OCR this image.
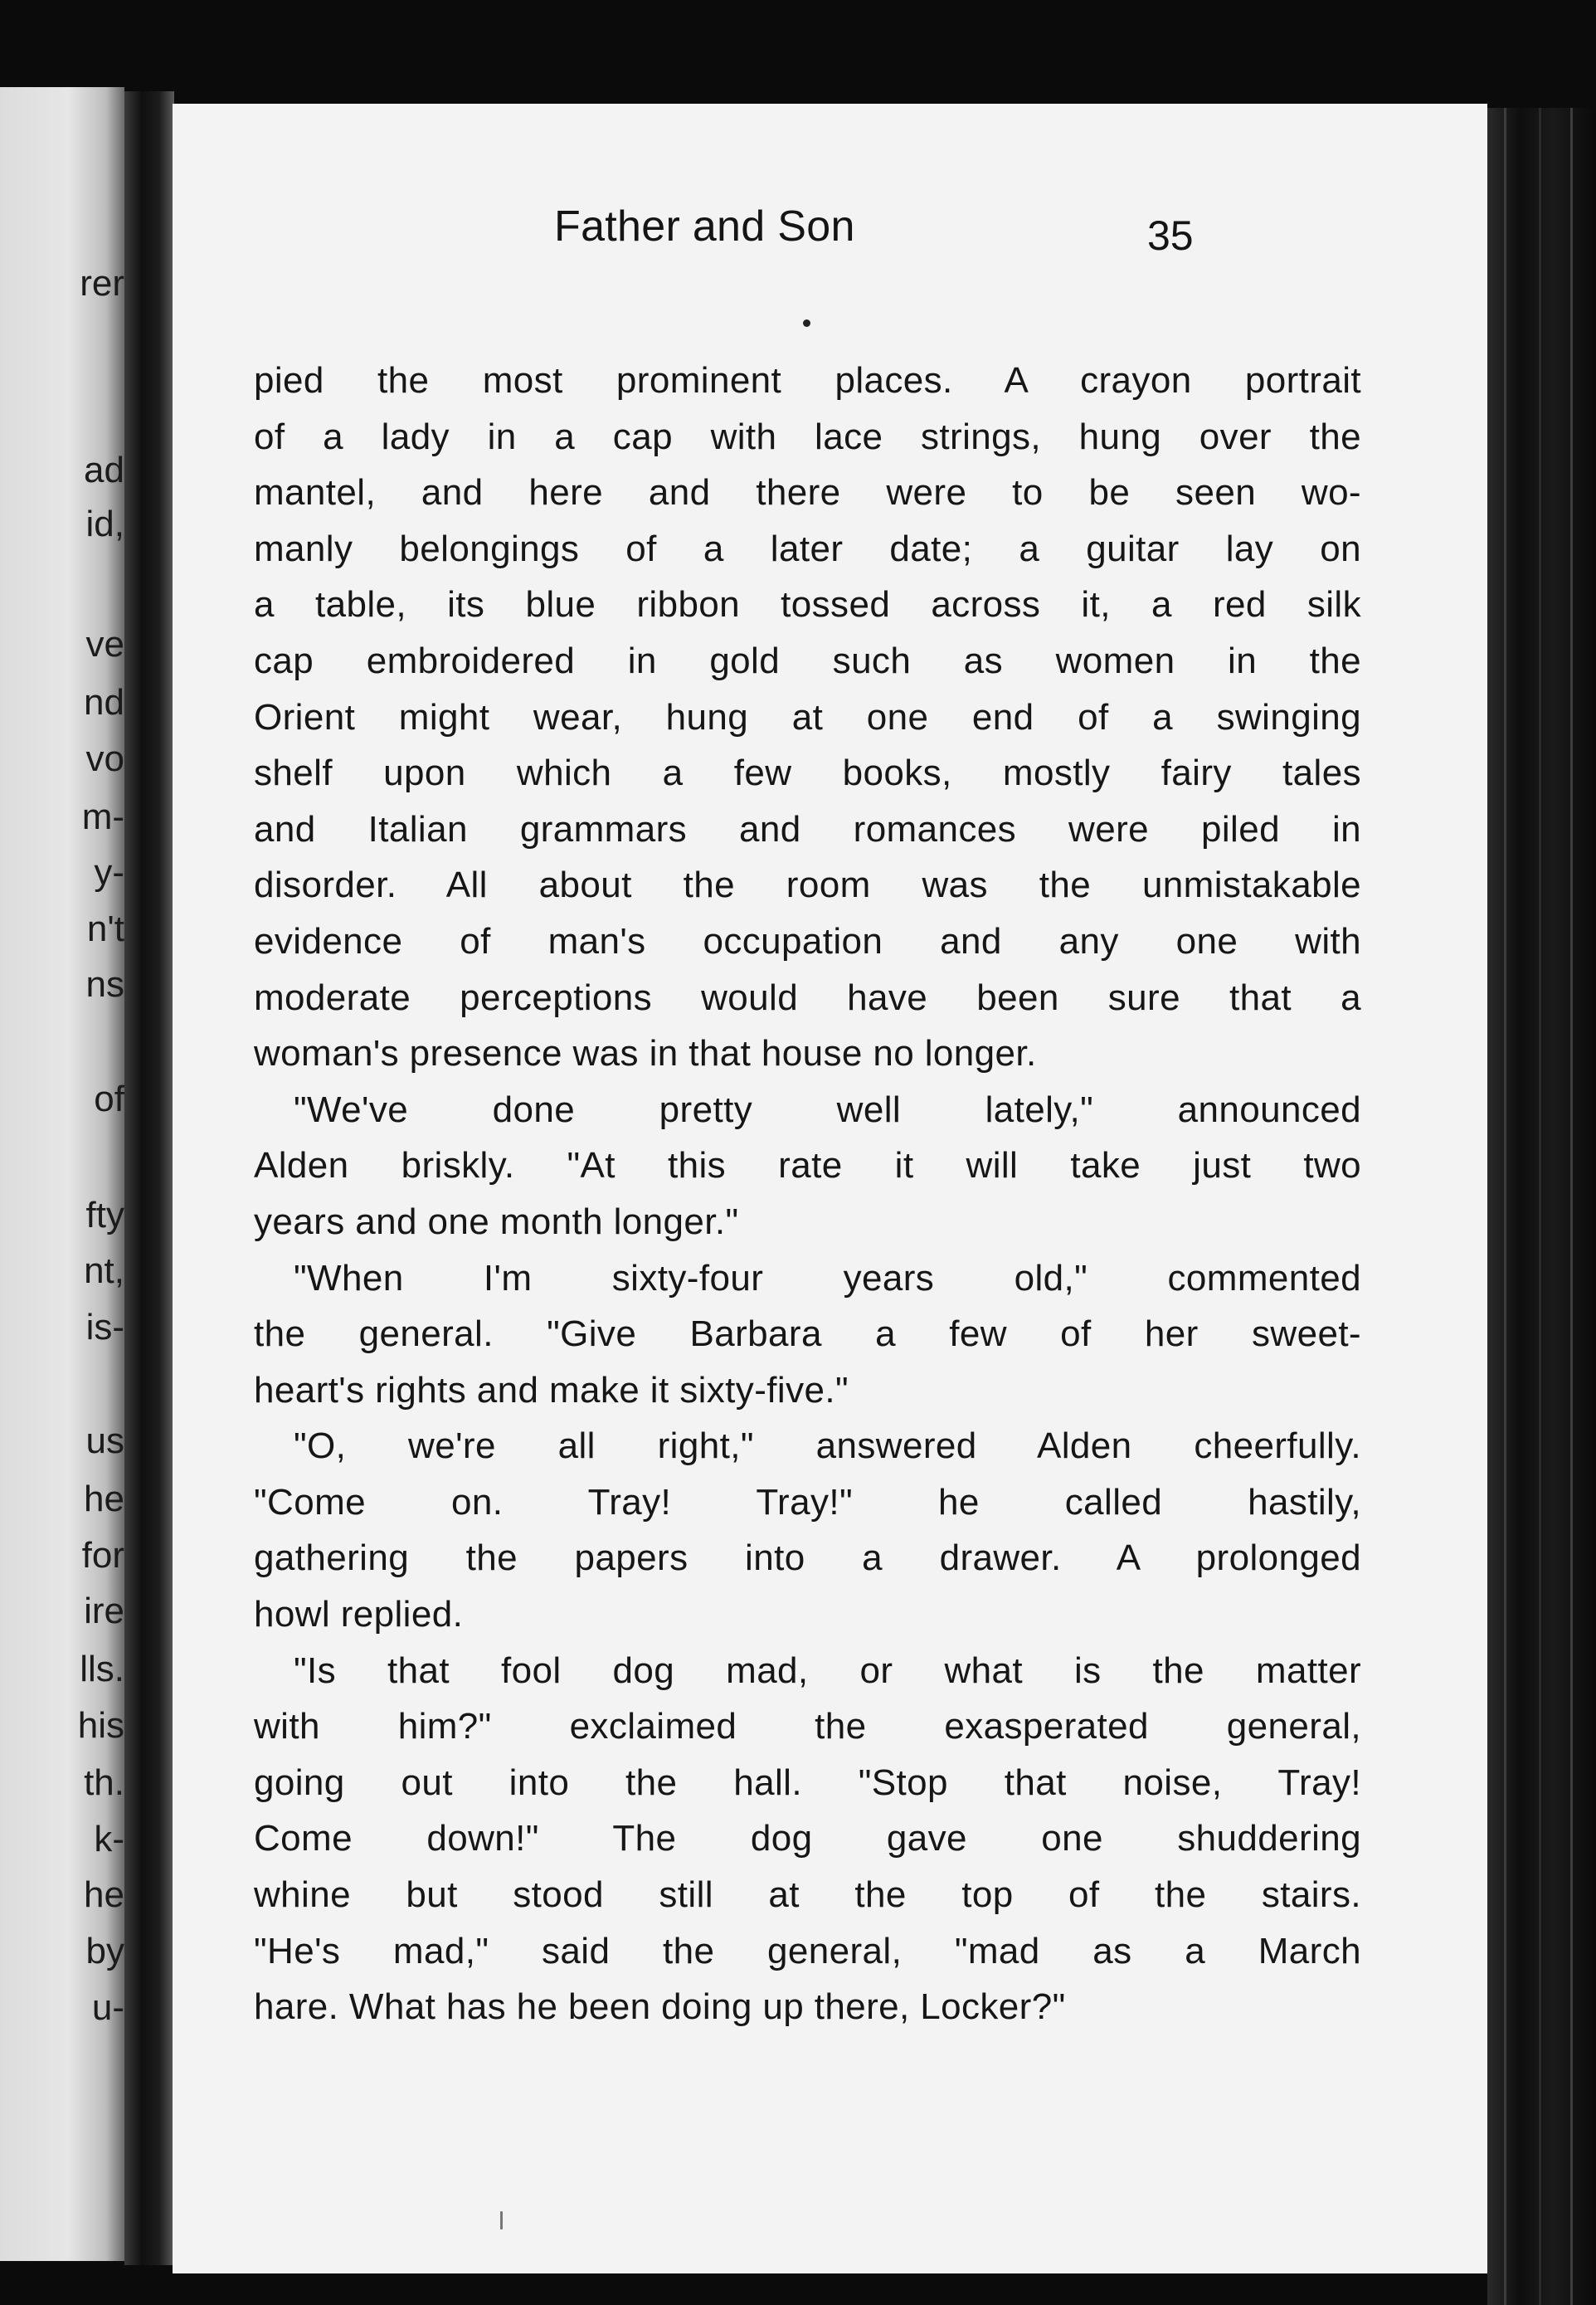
rer
ad
id,
ve
nd
vo
m-
y-
n't
ns
of
fty
nt,
is-
us
he
for
ire
lls.
his
th.
k-
he
by
u-
Father and Son	35
pied the most prominent places. A crayon portrait
of a lady in a cap with lace strings, hung over the
mantel, and here and there were to be seen wo-
manly belongings of a later date; a guitar lay on
a table, its blue ribbon tossed across it, a red silk
cap embroidered in gold such as women in the
Orient might wear, hung at one end of a swinging
shelf upon which a few books, mostly fairy tales
and Italian grammars and romances were piled in
disorder. All about the room was the unmistakable
evidence of man's occupation and any one with
moderate perceptions would have been sure that a
woman's presence was in that house no longer.
"We've done pretty well lately," announced
Alden briskly. "At this rate it will take just two
years and one month longer."
"When I'm sixty-four years old," commented
the general. "Give Barbara a few of her sweet-
heart's rights and make it sixty-five."
"O, we're all right," answered Alden cheerfully.
"Come on. Tray! Tray!" he called hastily,
gathering the papers into a drawer. A prolonged
howl replied.
"Is that fool dog mad, or what is the matter
with him?" exclaimed the exasperated general,
going out into the hall. "Stop that noise, Tray!
Come down!" The dog gave one shuddering
whine but stood still at the top of the stairs.
"He's mad," said the general, "mad as a March
hare. What has he been doing up there, Locker?"
